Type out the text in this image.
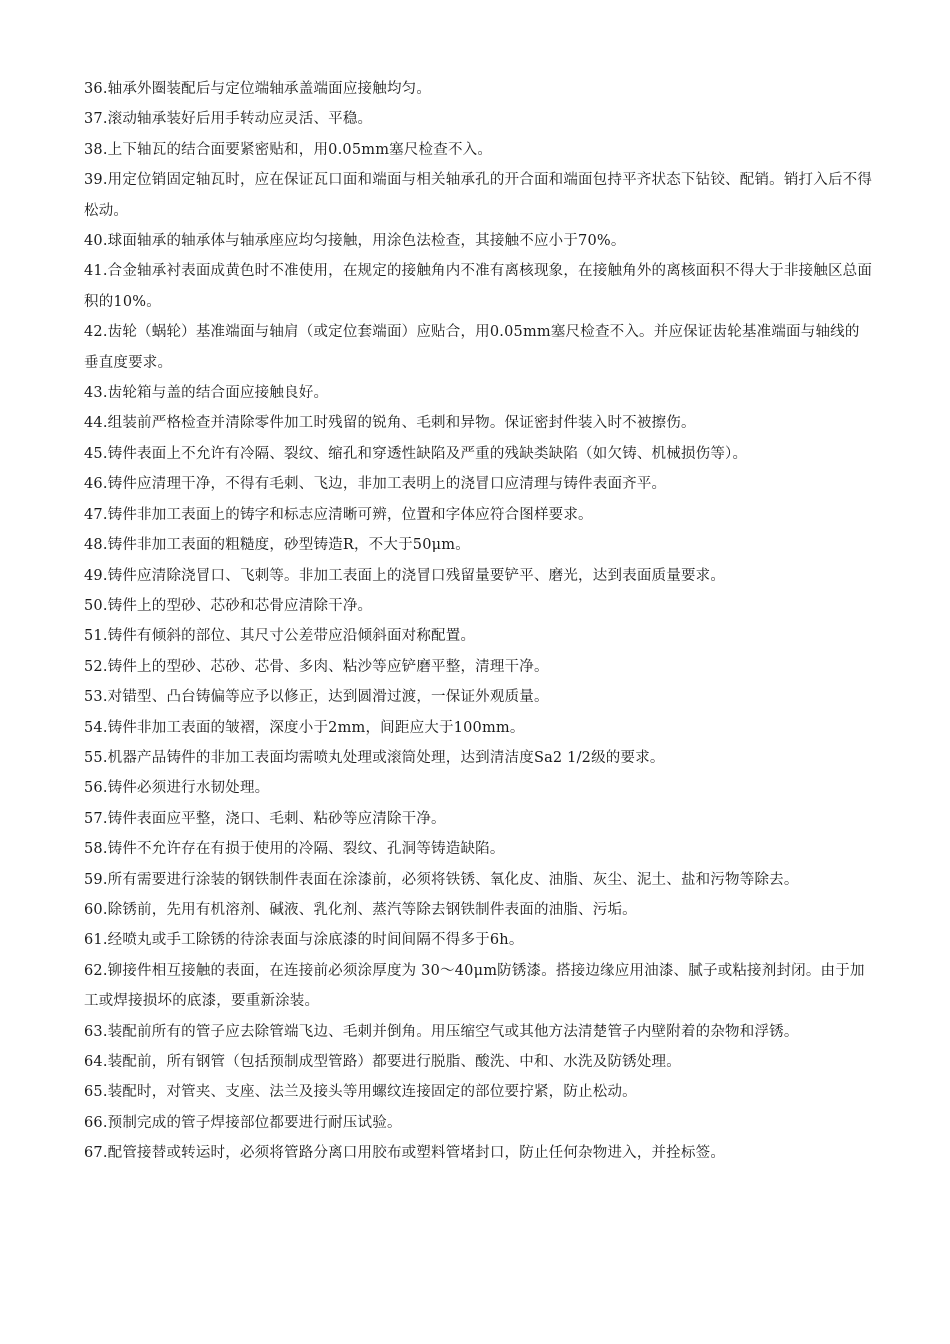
36.轴承外圈装配后与定位端轴承盖端面应接触均匀。

37.滚动轴承装好后用手转动应灵活、平稳。

38.上下轴瓦的结合面要紧密贴和，用0.05mm塞尺检查不入。

39.用定位销固定轴瓦时，应在保证瓦口面和端面与相关轴承孔的开合面和端面包持平齐状态下钻铰、配销。销打入后不得松动。

40.球面轴承的轴承体与轴承座应均匀接触，用涂色法检查，其接触不应小于70%。

41.合金轴承衬表面成黄色时不准使用，在规定的接触角内不准有离核现象，在接触角外的离核面积不得大于非接触区总面积的10%。

42.齿轮（蜗轮）基准端面与轴肩（或定位套端面）应贴合，用0.05mm塞尺检查不入。并应保证齿轮基准端面与轴线的垂直度要求。

43.齿轮箱与盖的结合面应接触良好。

44.组装前严格检查并清除零件加工时残留的锐角、毛刺和异物。保证密封件装入时不被擦伤。

45.铸件表面上不允许有冷隔、裂纹、缩孔和穿透性缺陷及严重的残缺类缺陷（如欠铸、机械损伤等）。

46.铸件应清理干净，不得有毛刺、飞边，非加工表明上的浇冒口应清理与铸件表面齐平。

47.铸件非加工表面上的铸字和标志应清晰可辨，位置和字体应符合图样要求。

48.铸件非加工表面的粗糙度，砂型铸造R，不大于50μm。

49.铸件应清除浇冒口、飞刺等。非加工表面上的浇冒口残留量要铲平、磨光，达到表面质量要求。

50.铸件上的型砂、芯砂和芯骨应清除干净。

51.铸件有倾斜的部位、其尺寸公差带应沿倾斜面对称配置。

52.铸件上的型砂、芯砂、芯骨、多肉、粘沙等应铲磨平整，清理干净。

53.对错型、凸台铸偏等应予以修正，达到圆滑过渡，一保证外观质量。

54.铸件非加工表面的皱褶，深度小于2mm，间距应大于100mm。

55.机器产品铸件的非加工表面均需喷丸处理或滚筒处理，达到清洁度Sa2 1/2级的要求。

56.铸件必须进行水韧处理。

57.铸件表面应平整，浇口、毛刺、粘砂等应清除干净。

58.铸件不允许存在有损于使用的冷隔、裂纹、孔洞等铸造缺陷。

59.所有需要进行涂装的钢铁制件表面在涂漆前，必须将铁锈、氧化皮、油脂、灰尘、泥土、盐和污物等除去。

60.除锈前，先用有机溶剂、碱液、乳化剂、蒸汽等除去钢铁制件表面的油脂、污垢。

61.经喷丸或手工除锈的待涂表面与涂底漆的时间间隔不得多于6h。

62.铆接件相互接触的表面，在连接前必须涂厚度为 30～40μm防锈漆。搭接边缘应用油漆、腻子或粘接剂封闭。由于加工或焊接损坏的底漆，要重新涂装。

63.装配前所有的管子应去除管端飞边、毛刺并倒角。用压缩空气或其他方法清楚管子内壁附着的杂物和浮锈。

64.装配前，所有钢管（包括预制成型管路）都要进行脱脂、酸洗、中和、水洗及防锈处理。

65.装配时，对管夹、支座、法兰及接头等用螺纹连接固定的部位要拧紧，防止松动。

66.预制完成的管子焊接部位都要进行耐压试验。

67.配管接替或转运时，必须将管路分离口用胶布或塑料管堵封口，防止任何杂物进入，并拴标签。
